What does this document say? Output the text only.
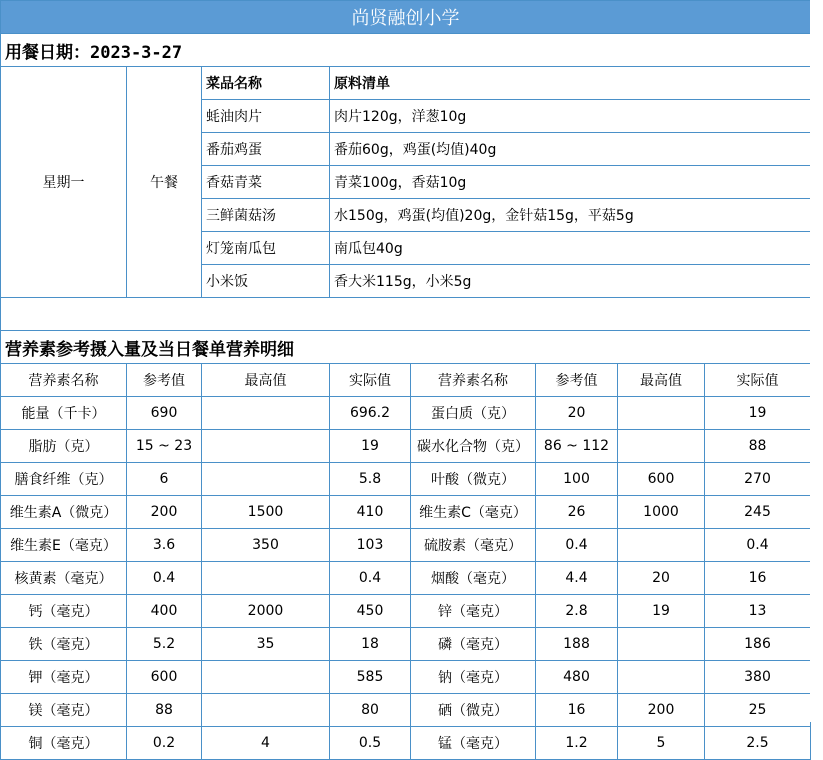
尚贤融创小学							
用餐日期：2023-3-27							
星期一	午餐	菜品名称	原料清单				
		蚝油肉片	肉片120g，洋葱10g				
		番茄鸡蛋	番茄60g，鸡蛋(均值)40g				
		香菇青菜	青菜100g，香菇10g				
		三鲜菌菇汤	水150g，鸡蛋(均值)20g，金针菇15g，平菇5g				
		灯笼南瓜包	南瓜包40g				
		小米饭	香大米115g，小米5g				

营养素参考摄入量及当日餐单营养明细							
营养素名称	参考值	最高值	实际值	营养素名称	参考值	最高值	实际值
能量（千卡）	690		696.2	蛋白质（克）	20		19
脂肪（克）	15 ~ 23		19	碳水化合物（克）	86 ~ 112		88
膳食纤维（克）	6		5.8	叶酸（微克）	100	600	270
维生素A（微克）	200	1500	410	维生素C（毫克）	26	1000	245
维生素E（毫克）	3.6	350	103	硫胺素（毫克）	0.4		0.4
核黄素（毫克）	0.4		0.4	烟酸（毫克）	4.4	20	16
钙（毫克）	400	2000	450	锌（毫克）	2.8	19	13
铁（毫克）	5.2	35	18	磷（毫克）	188		186
钾（毫克）	600		585	钠（毫克）	480		380
镁（毫克）	88		80	硒（微克）	16	200	25
铜（毫克）	0.2	4	0.5	锰（毫克）	1.2	5	2.5
